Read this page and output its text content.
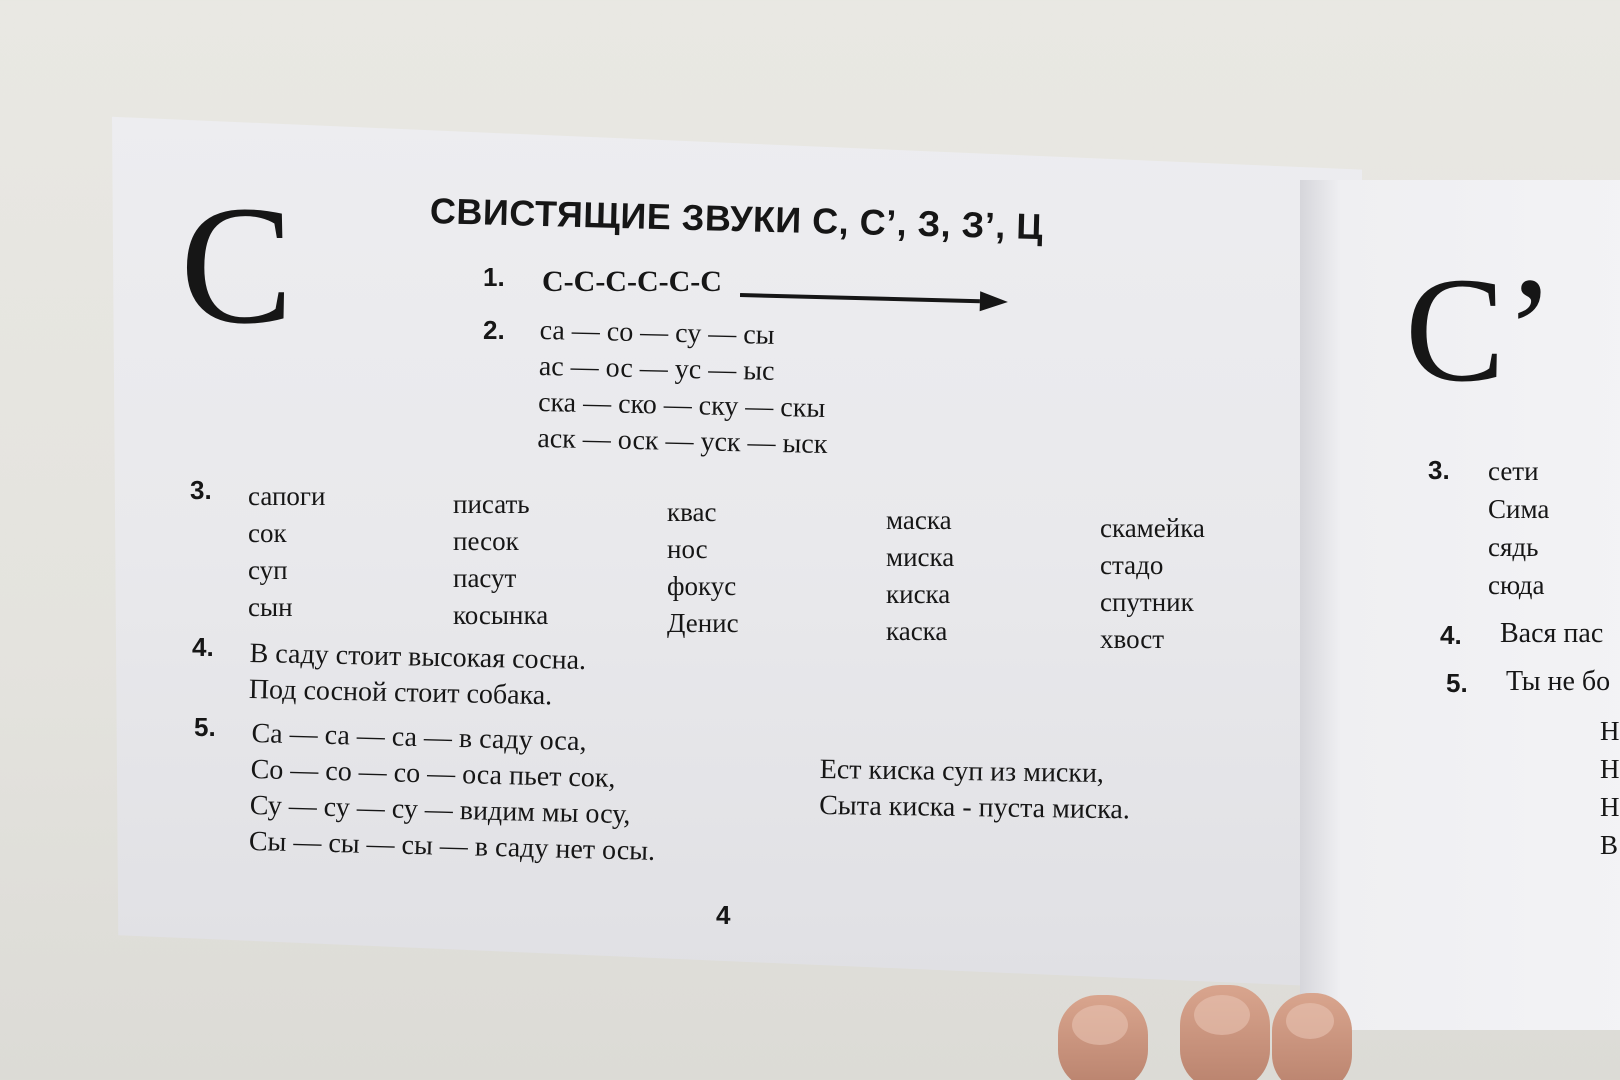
С	СВИСТЯЩИЕ ЗВУКИ С, С’, З, З’, Ц
1. С-С-С-С-С-С
2. са — со — су — сы
ас — ос — ус — ыс
ска — ско — ску — скы
аск — оск — уск — ыск
3. сапоги
сок
суп
сын
писать
песок
пасут
косынка
квас
нос
фокус
Денис
маска
миска
киска
каска
скамейка
стадо
спутник
хвост
4. В саду стоит высокая сосна.
Под сосной стоит собака.
5. Са — са — са — в саду оса,
Со — со — со — оса пьет сок,
Су — су — су — видим мы осу,
Сы — сы — сы — в саду нет осы.
Ест киска суп из миски,
Сыта киска - пуста миска.
4
С’
3. сети
Сима
сядь
сюда
4. Вася пас
5. Ты не бо
Н
Н
Н
В
